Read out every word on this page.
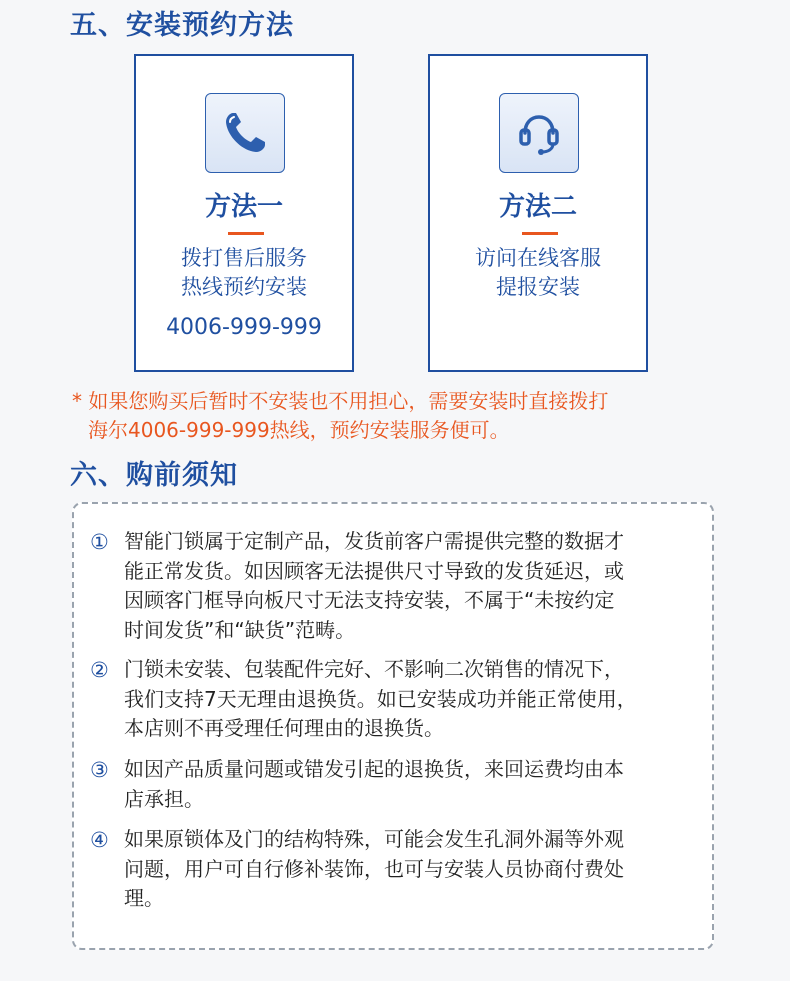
五、安装预约方法
方法一
拨打售后服务
热线预约安装
4006-999-999
方法二
访问在线客服
提报安装
* 如果您购买后暂时不安装也不用担心，需要安装时直接拨打
海尔4006-999-999热线，预约安装服务便可。
六、购前须知
① 智能门锁属于定制产品，发货前客户需提供完整的数据才
能正常发货。如因顾客无法提供尺寸导致的发货延迟，或
因顾客门框导向板尺寸无法支持安装，不属于“未按约定
时间发货”和“缺货”范畴。
② 门锁未安装、包装配件完好、不影响二次销售的情况下，
我们支持7天无理由退换货。如已安装成功并能正常使用，
本店则不再受理任何理由的退换货。
③ 如因产品质量问题或错发引起的退换货，来回运费均由本
店承担。
④ 如果原锁体及门的结构特殊，可能会发生孔洞外漏等外观
问题，用户可自行修补装饰，也可与安装人员协商付费处
理。
